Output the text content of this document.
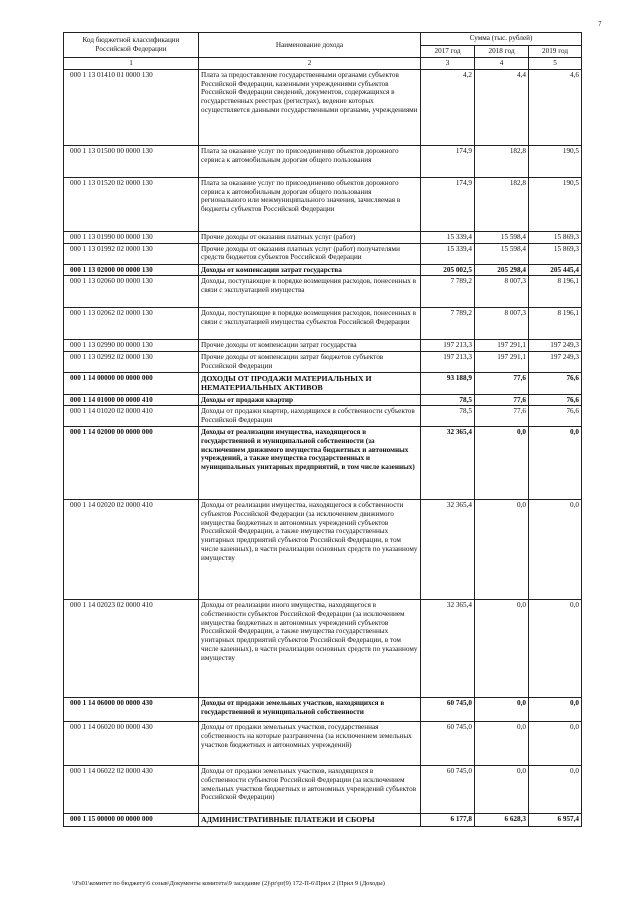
7
Код бюджетной классификации Российской Федерации	Наименование дохода	Сумма (тыс. рублей)		
		2017 год	2018 год	2019 год
1	2	3	4	5
000 1 13 01410 01 0000 130	Плата за предоставление государственными органами субъектов Российской Федерации, казенными учреждениями субъектов Российской Федерации сведений, документов, содержащихся в государственных реестрах (регистрах), ведение которых осуществляется данными государственными органами, учреждениями	4,2	4,4	4,6
000 1 13 01500 00 0000 130	Плата за оказание услуг по присоединению объектов дорожного сервиса к автомобильным дорогам общего пользования	174,9	182,8	190,5
000 1 13 01520 02 0000 130	Плата за оказание услуг по присоединению объектов дорожного сервиса к автомобильным дорогам общего пользования регионального или межмуниципального значения, зачисляемая в бюджеты субъектов Российской Федерации	174,9	182,8	190,5
000 1 13 01990 00 0000 130	Прочие доходы от оказания платных услуг (работ)	15 339,4	15 598,4	15 869,3
000 1 13 01992 02 0000 130	Прочие доходы от оказания платных услуг (работ) получателями средств бюджетов субъектов Российской Федерации	15 339,4	15 598,4	15 869,3
000 1 13 02000 00 0000 130	Доходы от компенсации затрат государства	205 002,5	205 298,4	205 445,4
000 1 13 02060 00 0000 130	Доходы, поступающие в порядке возмещения расходов, понесенных в связи с эксплуатацией имущества	7 789,2	8 007,3	8 196,1
000 1 13 02062 02 0000 130	Доходы, поступающие в порядке возмещения расходов, понесенных в связи с эксплуатацией имущества субъектов Российской Федерации	7 789,2	8 007,3	8 196,1
000 1 13 02990 00 0000 130	Прочие доходы от компенсации затрат государства	197 213,3	197 291,1	197 249,3
000 1 13 02992 02 0000 130	Прочие доходы от компенсации затрат бюджетов субъектов Российской Федерации	197 213,3	197 291,1	197 249,3
000 1 14 00000 00 0000 000	ДОХОДЫ ОТ ПРОДАЖИ МАТЕРИАЛЬНЫХ И НЕМАТЕРИАЛЬНЫХ АКТИВОВ	93 188,9	77,6	76,6
000 1 14 01000 00 0000 410	Доходы от продажи квартир	78,5	77,6	76,6
000 1 14 01020 02 0000 410	Доходы от продажи квартир, находящихся в собственности субъектов Российской Федерации	78,5	77,6	76,6
000 1 14 02000 00 0000 000	Доходы от реализации имущества, находящегося в государственной и муниципальной собственности (за исключением движимого имущества бюджетных и автономных учреждений, а также имущества государственных и муниципальных унитарных предприятий, в том числе казенных)	32 365,4	0,0	0,0
000 1 14 02020 02 0000 410	Доходы от реализации имущества, находящегося в собственности субъектов Российской Федерации (за исключением движимого имущества бюджетных и автономных учреждений субъектов Российской Федерации, а также имущества государственных унитарных предприятий субъектов Российской Федерации, в том числе казенных), в части реализации основных средств по указанному имуществу	32 365,4	0,0	0,0
000 1 14 02023 02 0000 410	Доходы от реализации иного имущества, находящегося в собственности субъектов Российской Федерации (за исключением имущества бюджетных и автономных учреждений субъектов Российской Федерации, а также имущества государственных унитарных предприятий субъектов Российской Федерации, в том числе казенных), в части реализации основных средств по указанному имуществу	32 365,4	0,0	0,0
000 1 14 06000 00 0000 430	Доходы от продажи земельных участков, находящихся в государственной и муниципальной собственности	60 745,0	0,0	0,0
000 1 14 06020 00 0000 430	Доходы от продажи земельных участков, государственная собственность на которые разграничена (за исключением земельных участков бюджетных и автономных учреждений)	60 745,0	0,0	0,0
000 1 14 06022 02 0000 430	Доходы от продажи земельных участков, находящихся в собственности субъектов Российской Федерации (за исключением земельных участков бюджетных и автономных учреждений субъектов Российской Федерации)	60 745,0	0,0	0,0
000 1 15 00000 00 0000 000	АДМИНИСТРАТИВНЫЕ ПЛАТЕЖИ И СБОРЫ	6 177,8	6 628,3	6 957,4
\\Fs01\комитет по бюджету\6 созыв\Документы комитета\9 заседание (2)\pr\pr(9) 172-П-6\Прил 2 (Прил 9 (Доходы)
